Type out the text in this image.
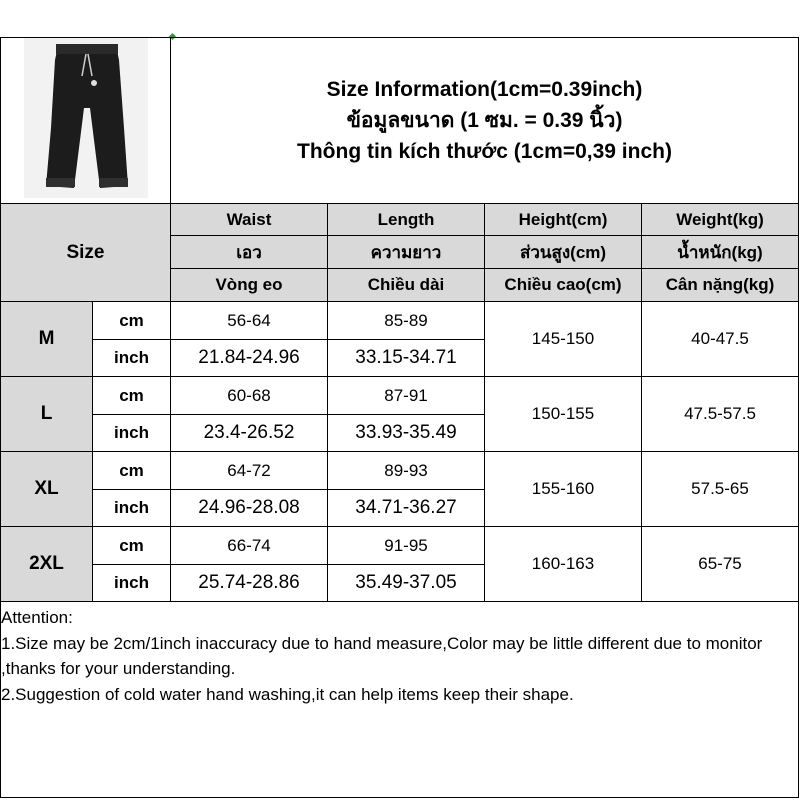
Size Information(1cm=0.39inch)
ข้อมูลขนาด (1 ซม. = 0.39 นิ้ว)
Thông tin kích thước (1cm=0,39 inch)			

Size		Waist	Length	Height(cm)	Weight(kg)
		เอว	ความยาว	ส่วนสูง(cm)	น้ำหนัก(kg)
		Vòng eo	Chiều dài	Chiều cao(cm)	Cân nặng(kg)
M	cm	56-64	85-89	145-150	40-47.5
	inch	21.84-24.96	33.15-34.71		
L	cm	60-68	87-91	150-155	47.5-57.5
	inch	23.4-26.52	33.93-35.49		
XL	cm	64-72	89-93	155-160	57.5-65
	inch	24.96-28.08	34.71-36.27		
2XL	cm	66-74	91-95	160-163	65-75
	inch	25.74-28.86	35.49-37.05		
Attention:
1.Size may be 2cm/1inch inaccuracy due to hand measure,Color may be little different due to monitor ,thanks for your understanding.
2.Suggestion of cold water hand washing,it can help items keep their shape.
